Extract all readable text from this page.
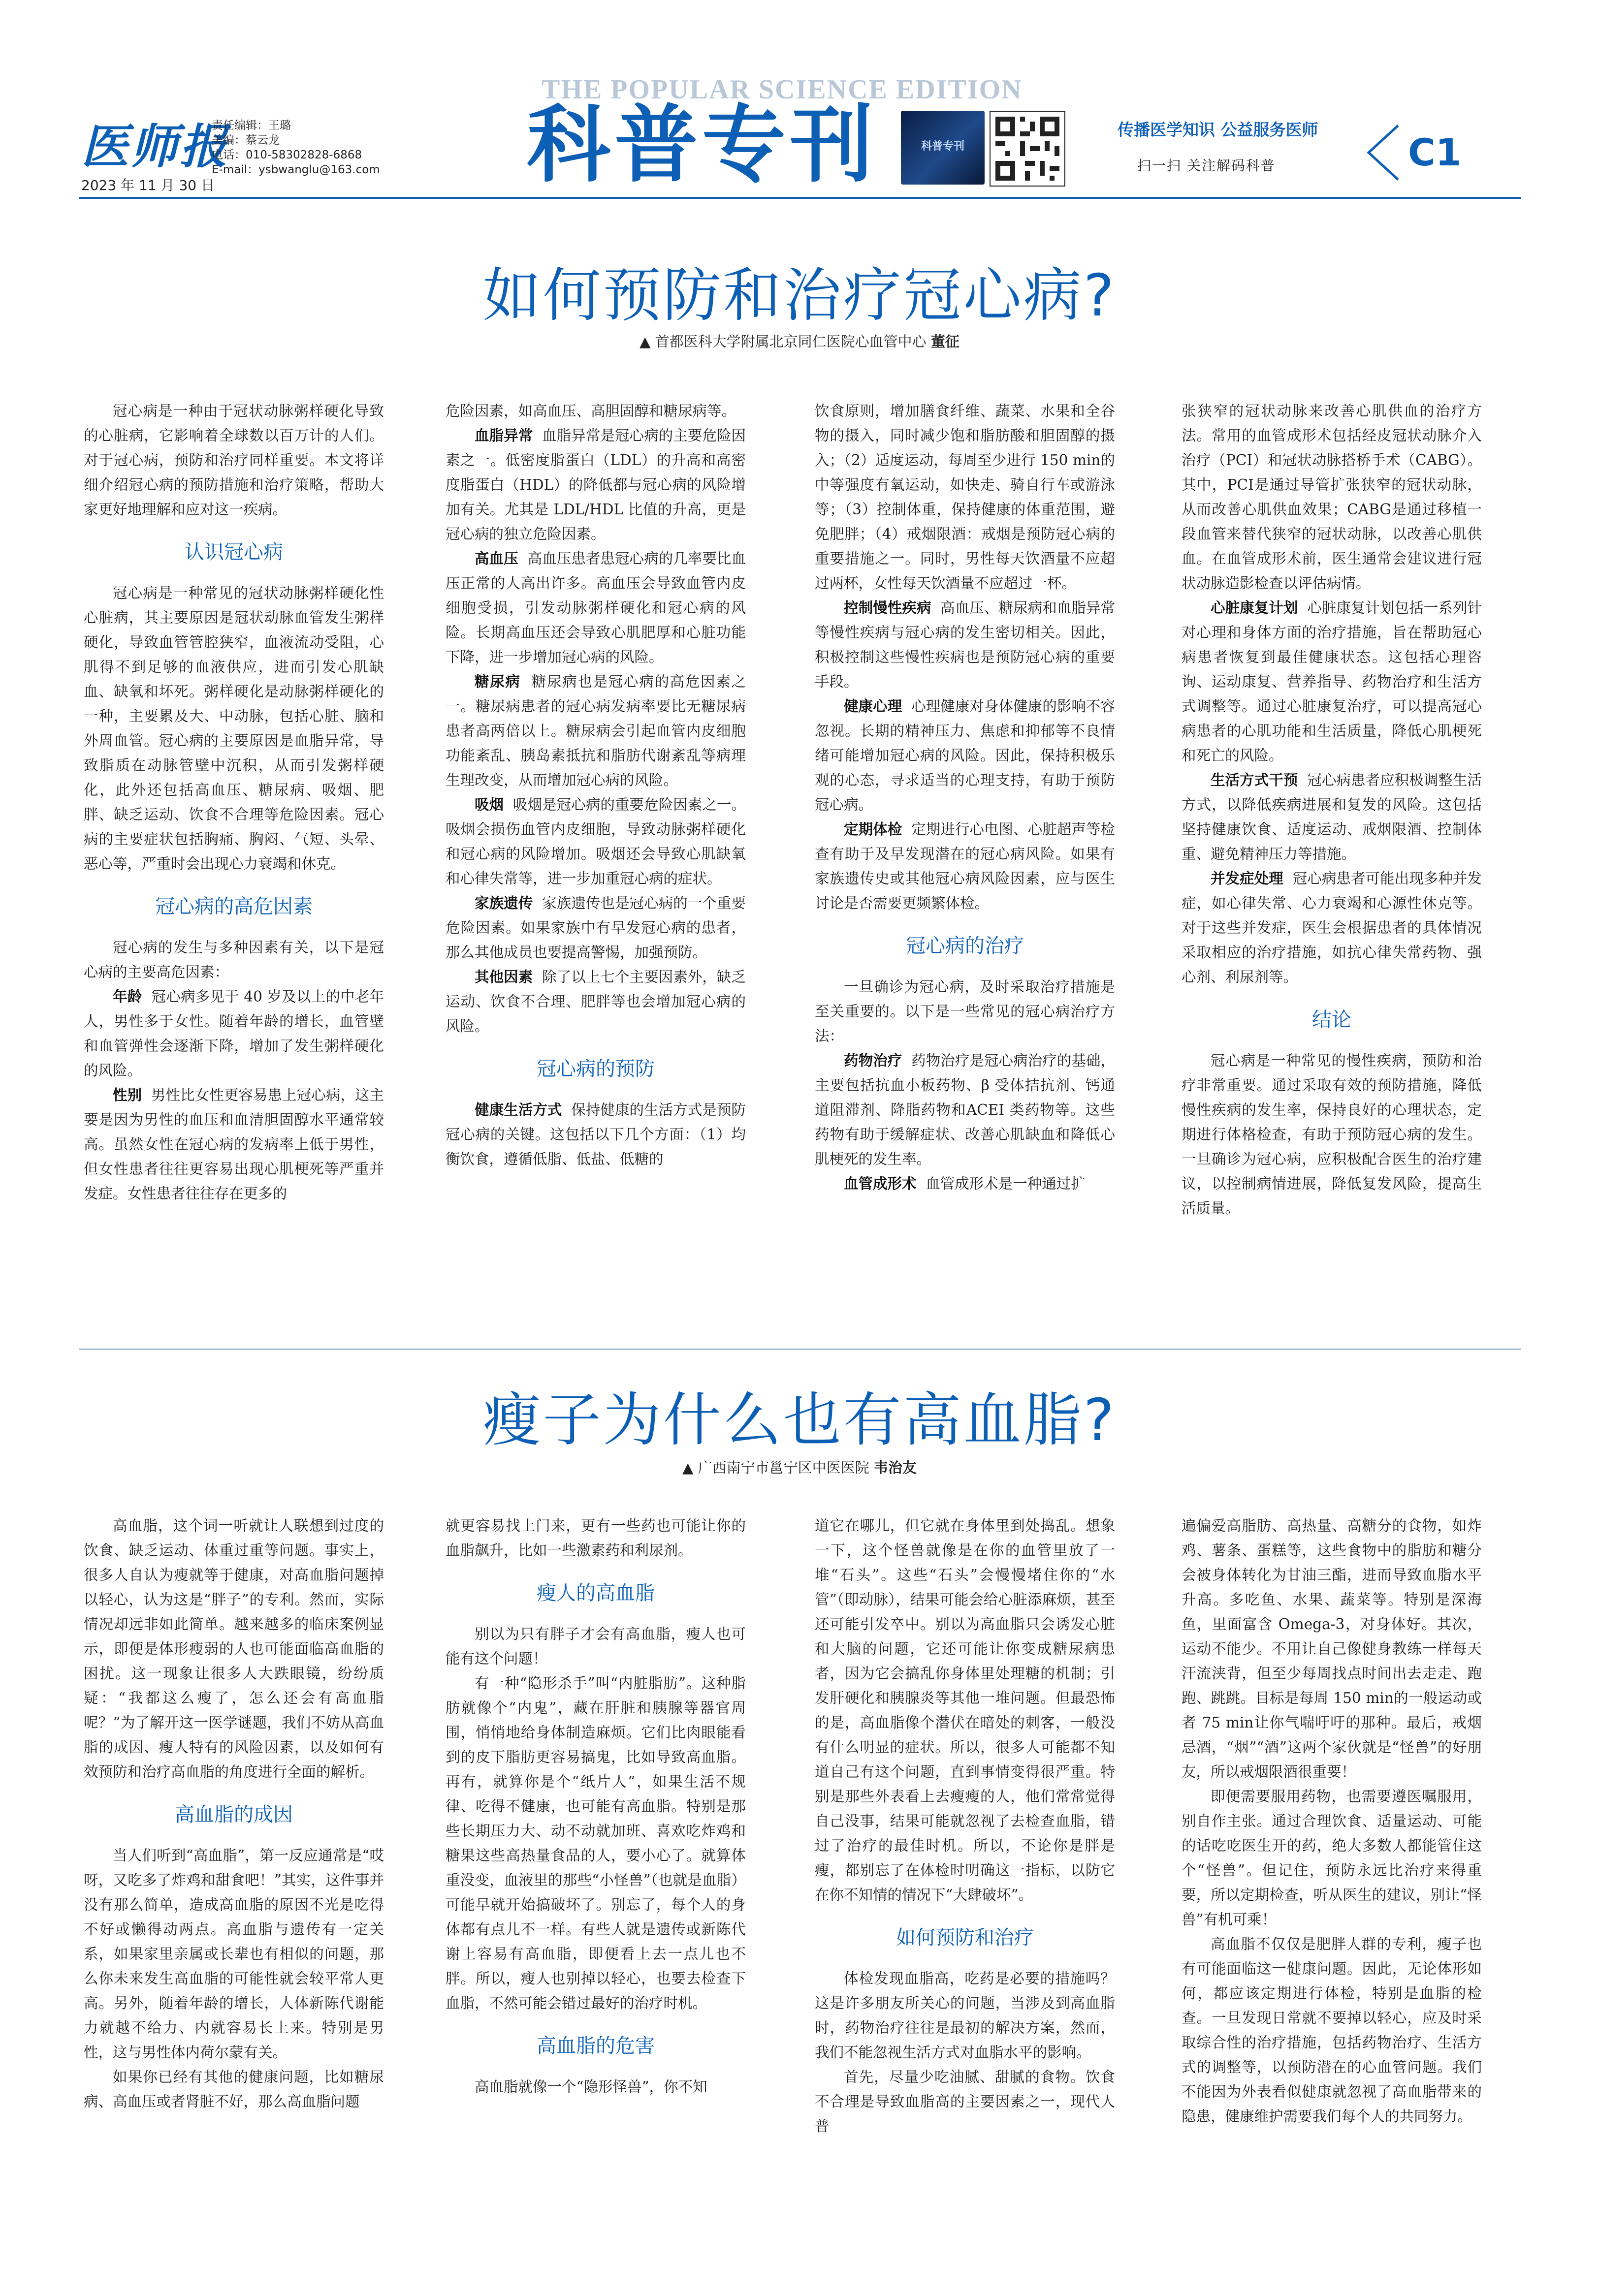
医师报
2023 年 11 月 30 日
责任编辑：王璐
美编：蔡云龙
电话：010-58302828-6868
E-mail：ysbwanglu@163.com
THE POPULAR SCIENCE EDITION
科普专刊	科普专刊
传播医学知识 公益服务医师
扫一扫 关注解码科普	C1
如何预防和治疗冠心病?
▲ 首都医科大学附属北京同仁医院心血管中心 董征

冠心病是一种由于冠状动脉粥样硬化导致的心脏病，它影响着全球数以百万计的人们。对于冠心病，预防和治疗同样重要。本文将详细介绍冠心病的预防措施和治疗策略，帮助大家更好地理解和应对这一疾病。

认识冠心病

冠心病是一种常见的冠状动脉粥样硬化性心脏病，其主要原因是冠状动脉血管发生粥样硬化，导致血管管腔狭窄，血液流动受阻，心肌得不到足够的血液供应，进而引发心肌缺血、缺氧和坏死。粥样硬化是动脉粥样硬化的一种，主要累及大、中动脉，包括心脏、脑和外周血管。冠心病的主要原因是血脂异常，导致脂质在动脉管壁中沉积，从而引发粥样硬化，此外还包括高血压、糖尿病、吸烟、肥胖、缺乏运动、饮食不合理等危险因素。冠心病的主要症状包括胸痛、胸闷、气短、头晕、恶心等，严重时会出现心力衰竭和休克。

冠心病的高危因素

冠心病的发生与多种因素有关，以下是冠心病的主要高危因素：

年龄 冠心病多见于 40 岁及以上的中老年人，男性多于女性。随着年龄的增长，血管壁和血管弹性会逐渐下降，增加了发生粥样硬化的风险。

性别 男性比女性更容易患上冠心病，这主要是因为男性的血压和血清胆固醇水平通常较高。虽然女性在冠心病的发病率上低于男性，但女性患者往往更容易出现心肌梗死等严重并发症。女性患者往往存在更多的

危险因素，如高血压、高胆固醇和糖尿病等。

血脂异常 血脂异常是冠心病的主要危险因素之一。低密度脂蛋白（LDL）的升高和高密度脂蛋白（HDL）的降低都与冠心病的风险增加有关。尤其是 LDL/HDL 比值的升高，更是冠心病的独立危险因素。

高血压 高血压患者患冠心病的几率要比血压正常的人高出许多。高血压会导致血管内皮细胞受损，引发动脉粥样硬化和冠心病的风险。长期高血压还会导致心肌肥厚和心脏功能下降，进一步增加冠心病的风险。

糖尿病 糖尿病也是冠心病的高危因素之一。糖尿病患者的冠心病发病率要比无糖尿病患者高两倍以上。糖尿病会引起血管内皮细胞功能紊乱、胰岛素抵抗和脂肪代谢紊乱等病理生理改变，从而增加冠心病的风险。

吸烟 吸烟是冠心病的重要危险因素之一。吸烟会损伤血管内皮细胞，导致动脉粥样硬化和冠心病的风险增加。吸烟还会导致心肌缺氧和心律失常等，进一步加重冠心病的症状。

家族遗传 家族遗传也是冠心病的一个重要危险因素。如果家族中有早发冠心病的患者，那么其他成员也要提高警惕，加强预防。

其他因素 除了以上七个主要因素外，缺乏运动、饮食不合理、肥胖等也会增加冠心病的风险。

冠心病的预防

健康生活方式 保持健康的生活方式是预防冠心病的关键。这包括以下几个方面：（1）均衡饮食，遵循低脂、低盐、低糖的

饮食原则，增加膳食纤维、蔬菜、水果和全谷物的摄入，同时减少饱和脂肪酸和胆固醇的摄入；（2）适度运动，每周至少进行 150 min的中等强度有氧运动，如快走、骑自行车或游泳等；（3）控制体重，保持健康的体重范围，避免肥胖；（4）戒烟限酒：戒烟是预防冠心病的重要措施之一。同时，男性每天饮酒量不应超过两杯，女性每天饮酒量不应超过一杯。

控制慢性疾病 高血压、糖尿病和血脂异常等慢性疾病与冠心病的发生密切相关。因此，积极控制这些慢性疾病也是预防冠心病的重要手段。

健康心理 心理健康对身体健康的影响不容忽视。长期的精神压力、焦虑和抑郁等不良情绪可能增加冠心病的风险。因此，保持积极乐观的心态，寻求适当的心理支持，有助于预防冠心病。

定期体检 定期进行心电图、心脏超声等检查有助于及早发现潜在的冠心病风险。如果有家族遗传史或其他冠心病风险因素，应与医生讨论是否需要更频繁体检。

冠心病的治疗

一旦确诊为冠心病，及时采取治疗措施是至关重要的。以下是一些常见的冠心病治疗方法：

药物治疗 药物治疗是冠心病治疗的基础，主要包括抗血小板药物、β 受体拮抗剂、钙通道阻滞剂、降脂药物和ACEI 类药物等。这些药物有助于缓解症状、改善心肌缺血和降低心肌梗死的发生率。

血管成形术 血管成形术是一种通过扩

张狭窄的冠状动脉来改善心肌供血的治疗方法。常用的血管成形术包括经皮冠状动脉介入治疗（PCI）和冠状动脉搭桥手术（CABG）。其中，PCI是通过导管扩张狭窄的冠状动脉，从而改善心肌供血效果；CABG是通过移植一段血管来替代狭窄的冠状动脉，以改善心肌供血。在血管成形术前，医生通常会建议进行冠状动脉造影检查以评估病情。

心脏康复计划 心脏康复计划包括一系列针对心理和身体方面的治疗措施，旨在帮助冠心病患者恢复到最佳健康状态。这包括心理咨询、运动康复、营养指导、药物治疗和生活方式调整等。通过心脏康复治疗，可以提高冠心病患者的心肌功能和生活质量，降低心肌梗死和死亡的风险。

生活方式干预 冠心病患者应积极调整生活方式，以降低疾病进展和复发的风险。这包括坚持健康饮食、适度运动、戒烟限酒、控制体重、避免精神压力等措施。

并发症处理 冠心病患者可能出现多种并发症，如心律失常、心力衰竭和心源性休克等。对于这些并发症，医生会根据患者的具体情况采取相应的治疗措施，如抗心律失常药物、强心剂、利尿剂等。

结论

冠心病是一种常见的慢性疾病，预防和治疗非常重要。通过采取有效的预防措施，降低慢性疾病的发生率，保持良好的心理状态，定期进行体格检查，有助于预防冠心病的发生。一旦确诊为冠心病，应积极配合医生的治疗建议，以控制病情进展，降低复发风险，提高生活质量。

瘦子为什么也有高血脂?
▲ 广西南宁市邕宁区中医医院 韦治友

高血脂，这个词一听就让人联想到过度的饮食、缺乏运动、体重过重等问题。事实上，很多人自认为瘦就等于健康，对高血脂问题掉以轻心，认为这是“胖子”的专利。然而，实际情况却远非如此简单。越来越多的临床案例显示，即便是体形瘦弱的人也可能面临高血脂的困扰。这一现象让很多人大跌眼镜，纷纷质疑：“我都这么瘦了，怎么还会有高血脂呢？”为了解开这一医学谜题，我们不妨从高血脂的成因、瘦人特有的风险因素，以及如何有效预防和治疗高血脂的角度进行全面的解析。

高血脂的成因

当人们听到“高血脂”，第一反应通常是“哎呀，又吃多了炸鸡和甜食吧！”其实，这件事并没有那么简单，造成高血脂的原因不光是吃得不好或懒得动两点。高血脂与遗传有一定关系，如果家里亲属或长辈也有相似的问题，那么你未来发生高血脂的可能性就会较平常人更高。另外，随着年龄的增长，人体新陈代谢能力就越不给力、内就容易长上来。特别是男性，这与男性体内荷尔蒙有关。

如果你已经有其他的健康问题，比如糖尿病、高血压或者肾脏不好，那么高血脂问题

就更容易找上门来，更有一些药也可能让你的血脂飙升，比如一些激素药和利尿剂。

瘦人的高血脂

别以为只有胖子才会有高血脂，瘦人也可能有这个问题！

有一种“隐形杀手”叫“内脏脂肪”。这种脂肪就像个“内鬼”，藏在肝脏和胰腺等器官周围，悄悄地给身体制造麻烦。它们比肉眼能看到的皮下脂肪更容易搞鬼，比如导致高血脂。再有，就算你是个“纸片人”，如果生活不规律、吃得不健康，也可能有高血脂。特别是那些长期压力大、动不动就加班、喜欢吃炸鸡和糖果这些高热量食品的人，要小心了。就算体重没变，血液里的那些“小怪兽”（也就是血脂）可能早就开始搞破坏了。别忘了，每个人的身体都有点儿不一样。有些人就是遗传或新陈代谢上容易有高血脂，即便看上去一点儿也不胖。所以，瘦人也别掉以轻心，也要去检查下血脂，不然可能会错过最好的治疗时机。

高血脂的危害

高血脂就像一个“隐形怪兽”，你不知

道它在哪儿，但它就在身体里到处捣乱。想象一下，这个怪兽就像是在你的血管里放了一堆“石头”。这些“石头”会慢慢堵住你的“水管”（即动脉），结果可能会给心脏添麻烦，甚至还可能引发卒中。别以为高血脂只会诱发心脏和大脑的问题，它还可能让你变成糖尿病患者，因为它会搞乱你身体里处理糖的机制；引发肝硬化和胰腺炎等其他一堆问题。但最恐怖的是，高血脂像个潜伏在暗处的刺客，一般没有什么明显的症状。所以，很多人可能都不知道自己有这个问题，直到事情变得很严重。特别是那些外表看上去瘦瘦的人，他们常常觉得自己没事，结果可能就忽视了去检查血脂，错过了治疗的最佳时机。所以，不论你是胖是瘦，都别忘了在体检时明确这一指标，以防它在你不知情的情况下“大肆破坏”。

如何预防和治疗

体检发现血脂高，吃药是必要的措施吗？这是许多朋友所关心的问题，当涉及到高血脂时，药物治疗往往是最初的解决方案，然而，我们不能忽视生活方式对血脂水平的影响。

首先，尽量少吃油腻、甜腻的食物。饮食不合理是导致血脂高的主要因素之一，现代人普

遍偏爱高脂肪、高热量、高糖分的食物，如炸鸡、薯条、蛋糕等，这些食物中的脂肪和糖分会被身体转化为甘油三酯，进而导致血脂水平升高。多吃鱼、水果、蔬菜等。特别是深海鱼，里面富含 Omega-3，对身体好。其次，运动不能少。不用让自己像健身教练一样每天汗流浃背，但至少每周找点时间出去走走、跑跑、跳跳。目标是每周 150 min的一般运动或者 75 min让你气喘吁吁的那种。最后，戒烟忌酒，“烟”“酒”这两个家伙就是“怪兽”的好朋友，所以戒烟限酒很重要！

即便需要服用药物，也需要遵医嘱服用，别自作主张。通过合理饮食、适量运动、可能的话吃吃医生开的药，绝大多数人都能管住这个“怪兽”。但记住，预防永远比治疗来得重要，所以定期检查，听从医生的建议，别让“怪兽”有机可乘！

高血脂不仅仅是肥胖人群的专利，瘦子也有可能面临这一健康问题。因此，无论体形如何，都应该定期进行体检，特别是血脂的检查。一旦发现日常就不要掉以轻心，应及时采取综合性的治疗措施，包括药物治疗、生活方式的调整等，以预防潜在的心血管问题。我们不能因为外表看似健康就忽视了高血脂带来的隐患，健康维护需要我们每个人的共同努力。
